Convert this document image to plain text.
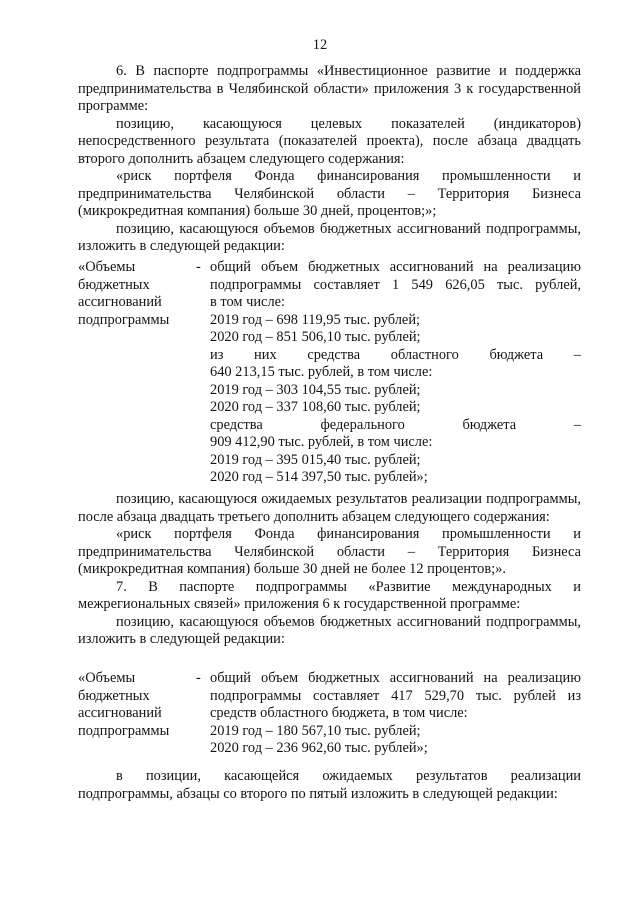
12

6. В паспорте подпрограммы «Инвестиционное развитие и поддержка предпринимательства в Челябинской области» приложения 3 к государственной программе:

позицию, касающуюся целевых показателей (индикаторов) непосредственного результата (показателей проекта), после абзаца двадцать второго дополнить абзацем следующего содержания:

«риск портфеля Фонда финансирования промышленности и предпринимательства Челябинской области – Территория Бизнеса (микрокредитная компания) больше 30 дней, процентов;»;

позицию, касающуюся объемов бюджетных ассигнований подпрограммы, изложить в следующей редакции:

«Объемы
бюджетных
ассигнований
подпрограммы
- общий объем бюджетных ассигнований на реализацию
подпрограммы составляет 1 549 626,05 тыс. рублей,
в том числе:
2019 год – 698 119,95 тыс. рублей;
2020 год – 851 506,10 тыс. рублей;
из них средства областного бюджета –
640 213,15 тыс. рублей, в том числе:
2019 год – 303 104,55 тыс. рублей;
2020 год – 337 108,60 тыс. рублей;
средства федерального бюджета –
909 412,90 тыс. рублей, в том числе:
2019 год – 395 015,40 тыс. рублей;
2020 год – 514 397,50 тыс. рублей»;

позицию, касающуюся ожидаемых результатов реализации подпрограммы, после абзаца двадцать третьего дополнить абзацем следующего содержания:

«риск портфеля Фонда финансирования промышленности и предпринимательства Челябинской области – Территория Бизнеса (микрокредитная компания) больше 30 дней не более 12 процентов;».

7. В паспорте подпрограммы «Развитие международных и межрегиональных связей» приложения 6 к государственной программе:

позицию, касающуюся объемов бюджетных ассигнований подпрограммы, изложить в следующей редакции:

«Объемы
бюджетных
ассигнований
подпрограммы
- общий объем бюджетных ассигнований на реализацию
подпрограммы составляет 417 529,70 тыс. рублей из
средств областного бюджета, в том числе:
2019 год – 180 567,10 тыс. рублей;
2020 год – 236 962,60 тыс. рублей»;

в позиции, касающейся ожидаемых результатов реализации подпрограммы, абзацы со второго по пятый изложить в следующей редакции:
